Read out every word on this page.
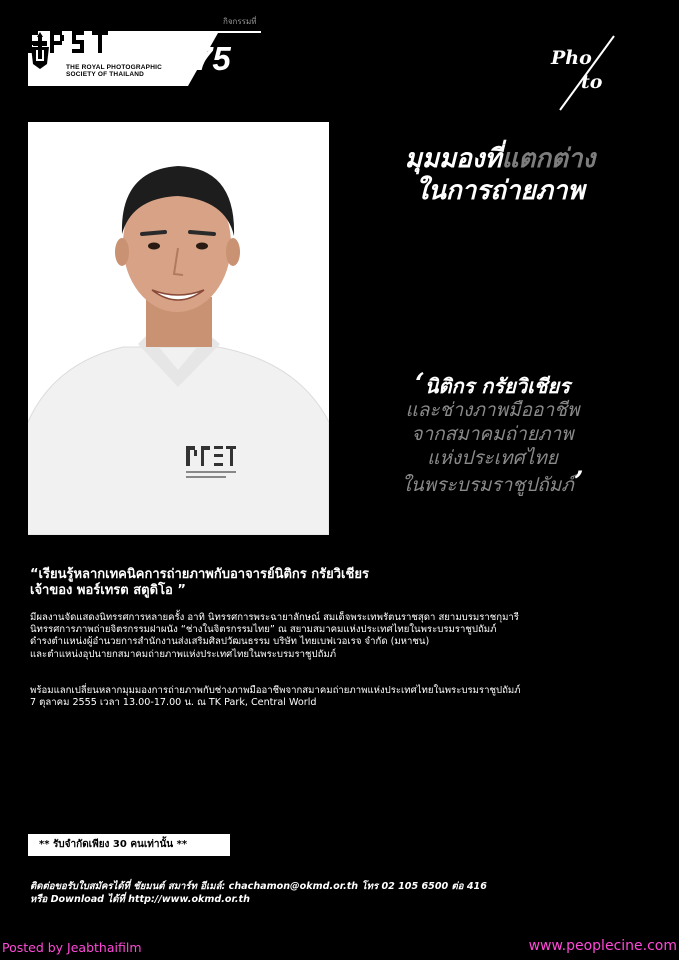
กิจกรรมที่
THE ROYAL PHOTOGRAPHIC
SOCIETY OF THAILAND 75	Pho
to
มุมมองที่แตกต่าง
ในการถ่ายภาพ
‘นิติกร กรัยวิเชียร
และช่างภาพมืออาชีพ
จากสมาคมถ่ายภาพ
แห่งประเทศไทย
ในพระบรมราชูปถัมภ์’
“เรียนรู้หลากเทคนิคการถ่ายภาพกับอาจารย์นิติกร กรัยวิเชียร
เจ้าของ พอร์เทรต สตูดิโอ ”
มีผลงานจัดแสดงนิทรรศการหลายครั้ง อาทิ นิทรรศการพระฉายาลักษณ์ สมเด็จพระเทพรัตนราชสุดา สยามบรมราชกุมารี
นิทรรศการภาพถ่ายจิตรกรรมฝาผนัง “ช่างในจิตรกรรมไทย” ณ สยามสมาคมแห่งประเทศไทยในพระบรมราชูปถัมภ์
ดำรงตำแหน่งผู้อำนวยการสำนักงานส่งเสริมศิลปวัฒนธรรม บริษัท ไทยเบฟเวอเรจ จำกัด (มหาชน)
และตำแหน่งอุปนายกสมาคมถ่ายภาพแห่งประเทศไทยในพระบรมราชูปถัมภ์
พร้อมแลกเปลี่ยนหลากมุมมองการถ่ายภาพกับช่างภาพมืออาชีพจากสมาคมถ่ายภาพแห่งประเทศไทยในพระบรมราชูปถัมภ์
7 ตุลาคม 2555 เวลา 13.00-17.00 น. ณ TK Park, Central World
** รับจำกัดเพียง 30 คนเท่านั้น **
ติดต่อขอรับใบสมัครได้ที่ ชัยมนต์ สมาร์ท อีเมล์: chachamon@okmd.or.th โทร 02 105 6500 ต่อ 416
หรือ Download ได้ที่ http://www.okmd.or.th
Posted by Jeabthaifilm	www.peoplecine.com
